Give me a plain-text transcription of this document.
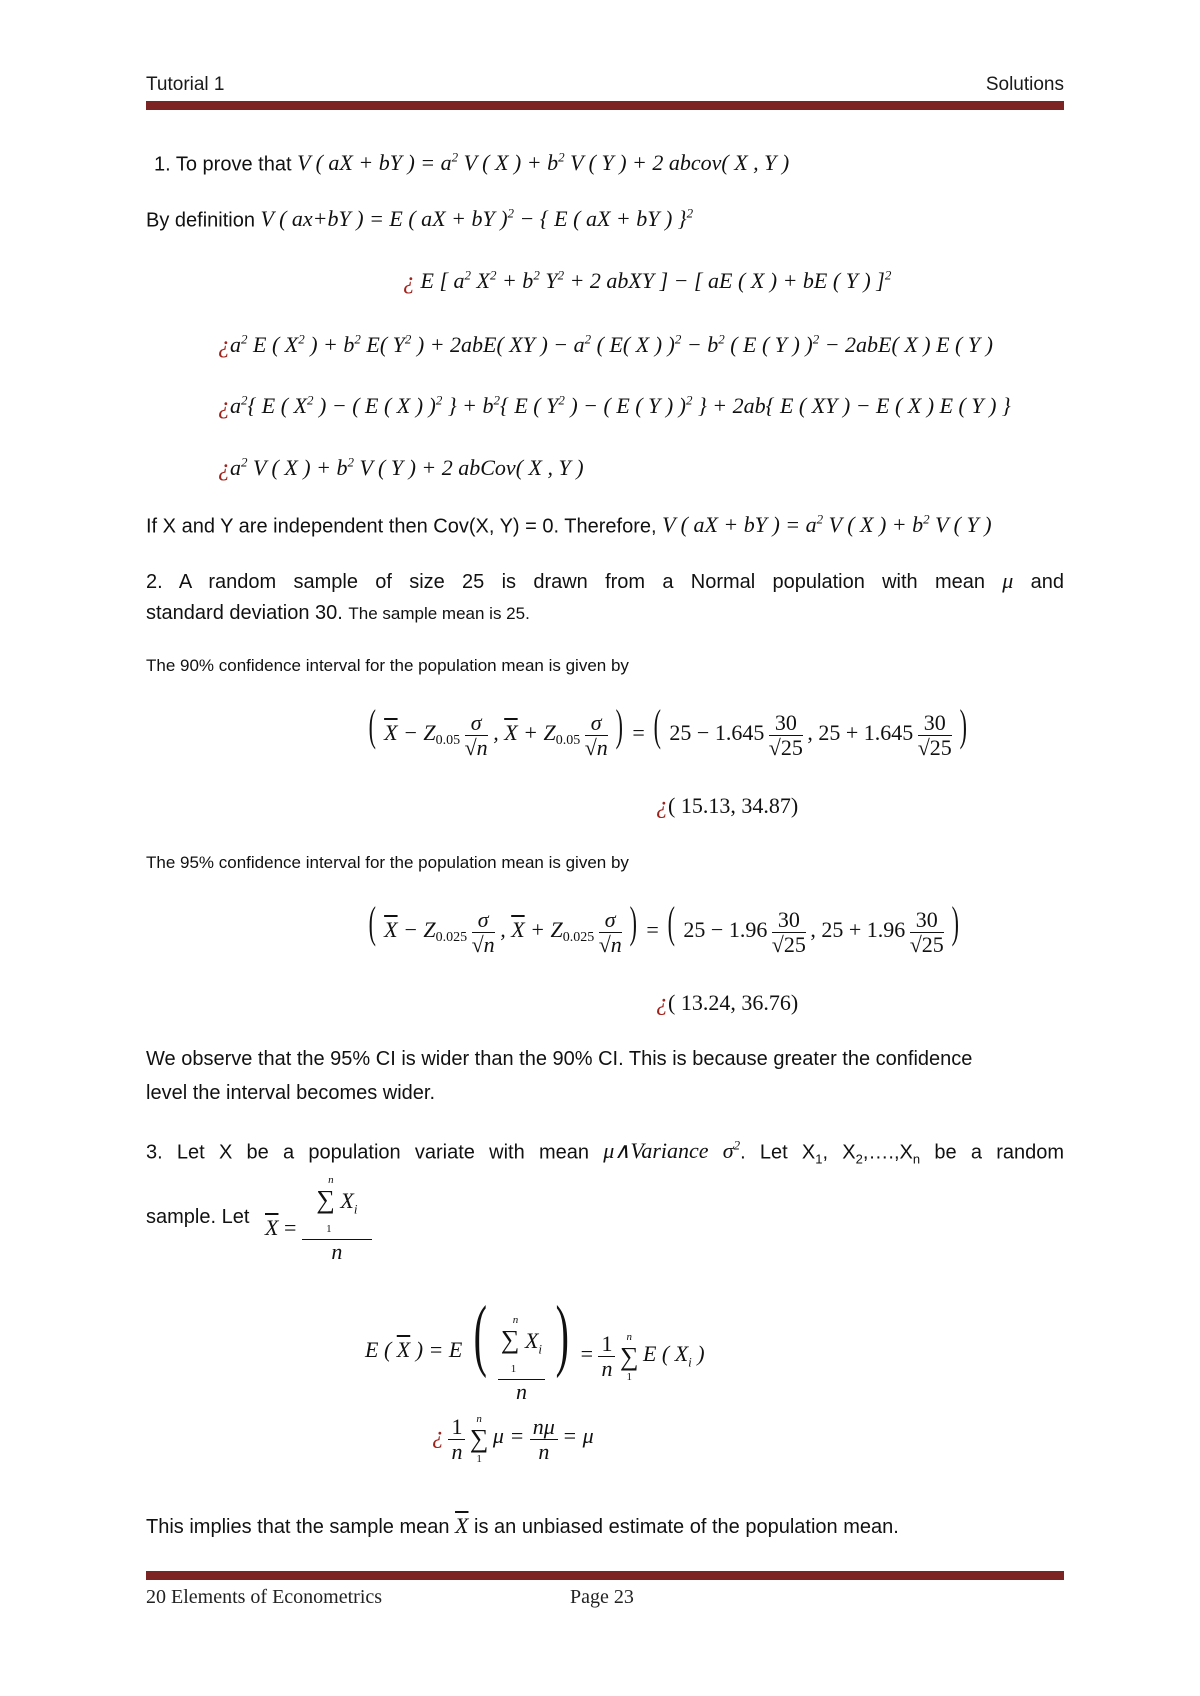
Tutorial 1	Solutions
1. To prove that V ( aX + bY ) = $a^2$ V ( X ) + $b^2$ V ( Y ) + 2 abcov( X , Y )
By definition V ( ax+bY ) = E ( aX + bY )$^2$ − { E ( aX + bY ) }$^2$
¿ E [ $a^2$ $X^2 + b^2$ $Y^2 + 2$ abXY ] − [ aE ( X ) + bE ( Y ) ]$^2$
¿$a^2$ E ( $X^2$ ) + $b^2$ E( $Y^2$ ) + 2abE( XY ) − $a^2$ ( E( X ) )$^2 - b^2$ ( E ( Y ) )$^2$ − 2abE( X ) E ( Y )
¿$a^2${ E ( $X^2$ ) − ( E ( X ) )$^2$ } + $b^2${ E ( $Y^2$ ) − ( E ( Y ) )$^2$ } + 2ab{ E ( XY ) − E ( X ) E ( Y ) }
¿$a^2$ V ( X ) + $b^2$ V ( Y ) + 2 abCov( X , Y )
If X and Y are independent then Cov(X, Y) = 0. Therefore, V ( aX + bY ) = $a^2$ V ( X ) + $b^2$ V ( Y )
2. A random sample of size 25 is drawn from a Normal population with mean μ and
standard deviation 30. The sample mean is 25.
The 90% confidence interval for the population mean is given by
( $\overline{X} - Z_{0.05} \frac{\sigma}{√n}$ , $\overline{X} + Z_{0.05} \frac{\sigma}{√n}$ ) = ( $25 - 1.645 \frac{30}{√25}$ , $25 + 1.645 \frac{30}{√25}$ )
¿( 15.13, 34.87)
The 95% confidence interval for the population mean is given by
( $\overline{X} - Z_{0.025} \frac{\sigma}{√n}$ , $\overline{X} + Z_{0.025} \frac{\sigma}{√n}$ ) = ( $25 - 1.96 \frac{30}{√25}$ , $25 + 1.96 \frac{30}{√25}$ )
¿( 13.24, 36.76)
We observe that the 95% CI is wider than the 90% CI. This is because greater the confidence
level the interval becomes wider.
3. Let X be a population variate with mean μ∧Variance $\sigma^2$. Let $X_1$, $X_2,\dots.,X_n$ be a random
sample. Let $\overline{X} = n$
∑ $X_i$
1
n
E ( $\overline{X}$ ) = E (	n
∑ $X_i$
1
n ) = $\frac{1}{n}$
n
∑
1
E ( $X_i$ )
¿ $\frac{1}{n}$
n
∑
1
$\mu = \frac{n\mu}{n} = \mu$
This implies that the sample mean $\overline{X}$ is an unbiased estimate of the population mean.
20 Elements of Econometrics	Page 23
